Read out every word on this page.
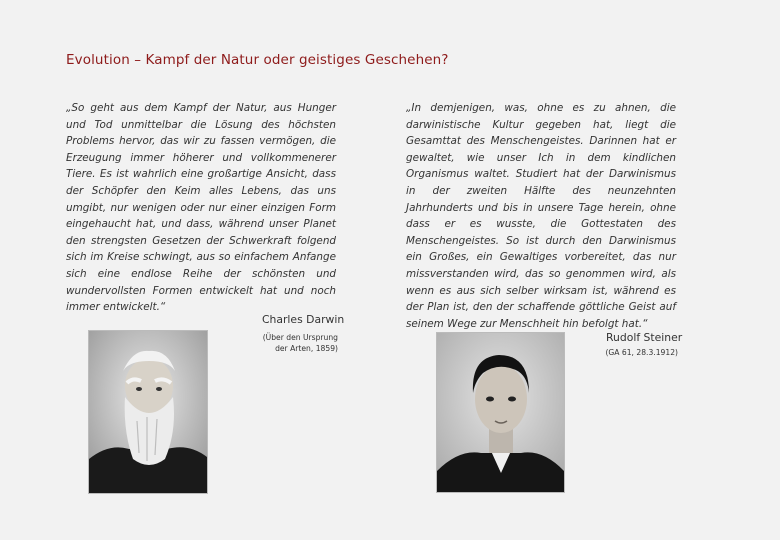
Evolution – Kampf der Natur oder geistiges Geschehen?
„So geht aus dem Kampf der Natur, aus Hunger und Tod unmittelbar die Lösung des höchsten Problems hervor, das wir zu fassen vermögen, die Erzeugung immer höherer und vollkommenerer Tiere. Es ist wahrlich eine großartige Ansicht, dass der Schöpfer den Keim alles Lebens, das uns umgibt, nur wenigen oder nur einer einzigen Form eingehaucht hat, und dass, während unser Planet den strengsten Gesetzen der Schwerkraft folgend sich im Kreise schwingt, aus so einfachem Anfange sich eine endlose Reihe der schönsten und wundervollsten Formen entwickelt hat und noch immer entwickelt.“
Charles Darwin
(Über den Ursprung
der Arten, 1859)
„In demjenigen, was, ohne es zu ahnen, die darwinistische Kultur gegeben hat, liegt die Gesamttat des Menschengeistes. Darinnen hat er gewaltet, wie unser Ich in dem kindlichen Organismus waltet. Studiert hat der Darwinismus in der zweiten Hälfte des neunzehnten Jahrhunderts und bis in unsere Tage herein, ohne dass er es wusste, die Gottestaten des Menschengeistes. So ist durch den Darwinismus ein Großes, ein Gewaltiges vorbereitet, das nur missverstanden wird, das so genommen wird, als wenn es aus sich selber wirksam ist, während es der Plan ist, den der schaffende göttliche Geist auf seinem Wege zur Menschheit hin befolgt hat.“
Rudolf Steiner
(GA 61, 28.3.1912)
